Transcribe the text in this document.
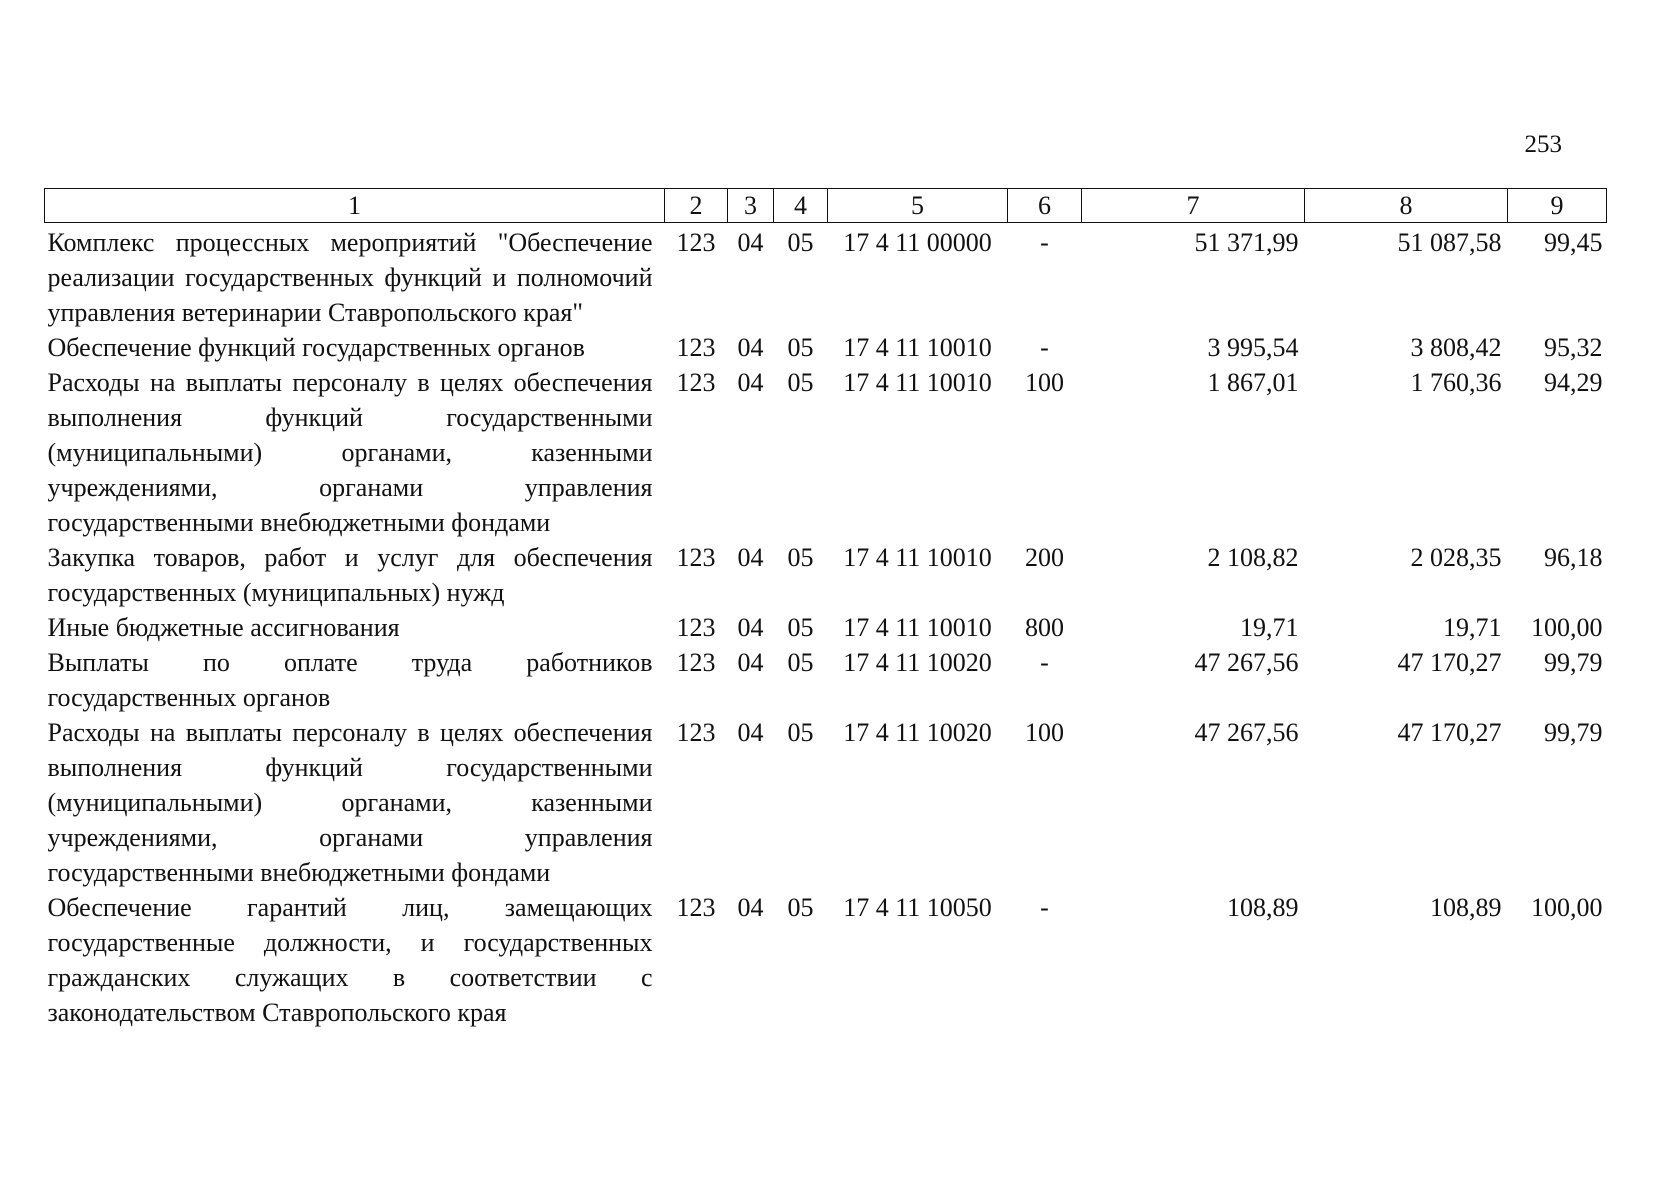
253
1	2	3	4	5	6	7	8	9
Комплекс процессных мероприятий "Обеспечение реализации государственных функций и полномочий управления ветеринарии Ставропольского края"	123	04	05	17 4 11 00000	-	51 371,99	51 087,58	99,45
Обеспечение функций государственных органов	123	04	05	17 4 11 10010	-	3 995,54	3 808,42	95,32
Расходы на выплаты персоналу в целях обеспечения выполнения функций государственными (муниципальными) органами, казенными учреждениями, органами управления государственными внебюджетными фондами	123	04	05	17 4 11 10010	100	1 867,01	1 760,36	94,29
Закупка товаров, работ и услуг для обеспечения государственных (муниципальных) нужд	123	04	05	17 4 11 10010	200	2 108,82	2 028,35	96,18
Иные бюджетные ассигнования	123	04	05	17 4 11 10010	800	19,71	19,71	100,00
Выплаты по оплате труда работников государственных органов	123	04	05	17 4 11 10020	-	47 267,56	47 170,27	99,79
Расходы на выплаты персоналу в целях обеспечения выполнения функций государственными (муниципальными) органами, казенными учреждениями, органами управления государственными внебюджетными фондами	123	04	05	17 4 11 10020	100	47 267,56	47 170,27	99,79
Обеспечение гарантий лиц, замещающих государственные должности, и государственных гражданских служащих в соответствии с законодательством Ставропольского края	123	04	05	17 4 11 10050	-	108,89	108,89	100,00
